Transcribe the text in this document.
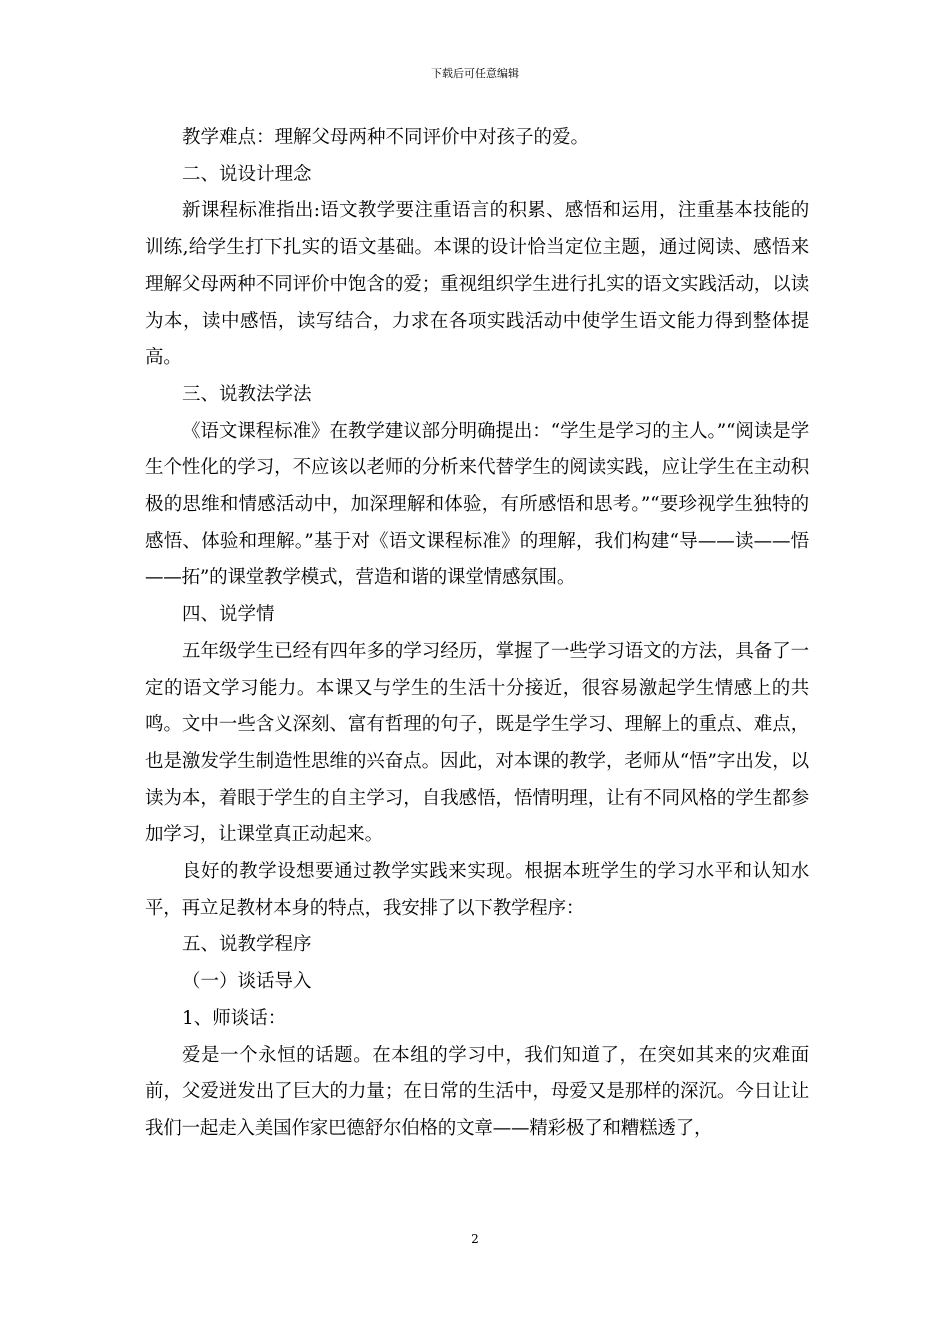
下载后可任意编辑

教学难点：理解父母两种不同评价中对孩子的爱。

二、说设计理念

新课程标准指出:语文教学要注重语言的积累、感悟和运用，注重基本技能的训练,给学生打下扎实的语文基础。本课的设计恰当定位主题，通过阅读、感悟来理解父母两种不同评价中饱含的爱；重视组织学生进行扎实的语文实践活动，以读为本，读中感悟，读写结合，力求在各项实践活动中使学生语文能力得到整体提高。

三、说教法学法

《语文课程标准》在教学建议部分明确提出：“学生是学习的主人。”“阅读是学生个性化的学习，不应该以老师的分析来代替学生的阅读实践，应让学生在主动积极的思维和情感活动中，加深理解和体验，有所感悟和思考。”“要珍视学生独特的感悟、体验和理解。”基于对《语文课程标准》的理解，我们构建“导——读——悟——拓”的课堂教学模式，营造和谐的课堂情感氛围。

四、说学情

五年级学生已经有四年多的学习经历，掌握了一些学习语文的方法，具备了一定的语文学习能力。本课又与学生的生活十分接近，很容易激起学生情感上的共鸣。文中一些含义深刻、富有哲理的句子，既是学生学习、理解上的重点、难点，也是激发学生制造性思维的兴奋点。因此，对本课的教学，老师从“悟”字出发，以读为本，着眼于学生的自主学习，自我感悟，悟情明理，让有不同风格的学生都参加学习，让课堂真正动起来。

良好的教学设想要通过教学实践来实现。根据本班学生的学习水平和认知水平，再立足教材本身的特点，我安排了以下教学程序：

五、说教学程序

（一）谈话导入

1、师谈话：

爱是一个永恒的话题。在本组的学习中，我们知道了，在突如其来的灾难面前，父爱迸发出了巨大的力量；在日常的生活中，母爱又是那样的深沉。今日让让我们一起走入美国作家巴德舒尔伯格的文章——精彩极了和糟糕透了，

2
